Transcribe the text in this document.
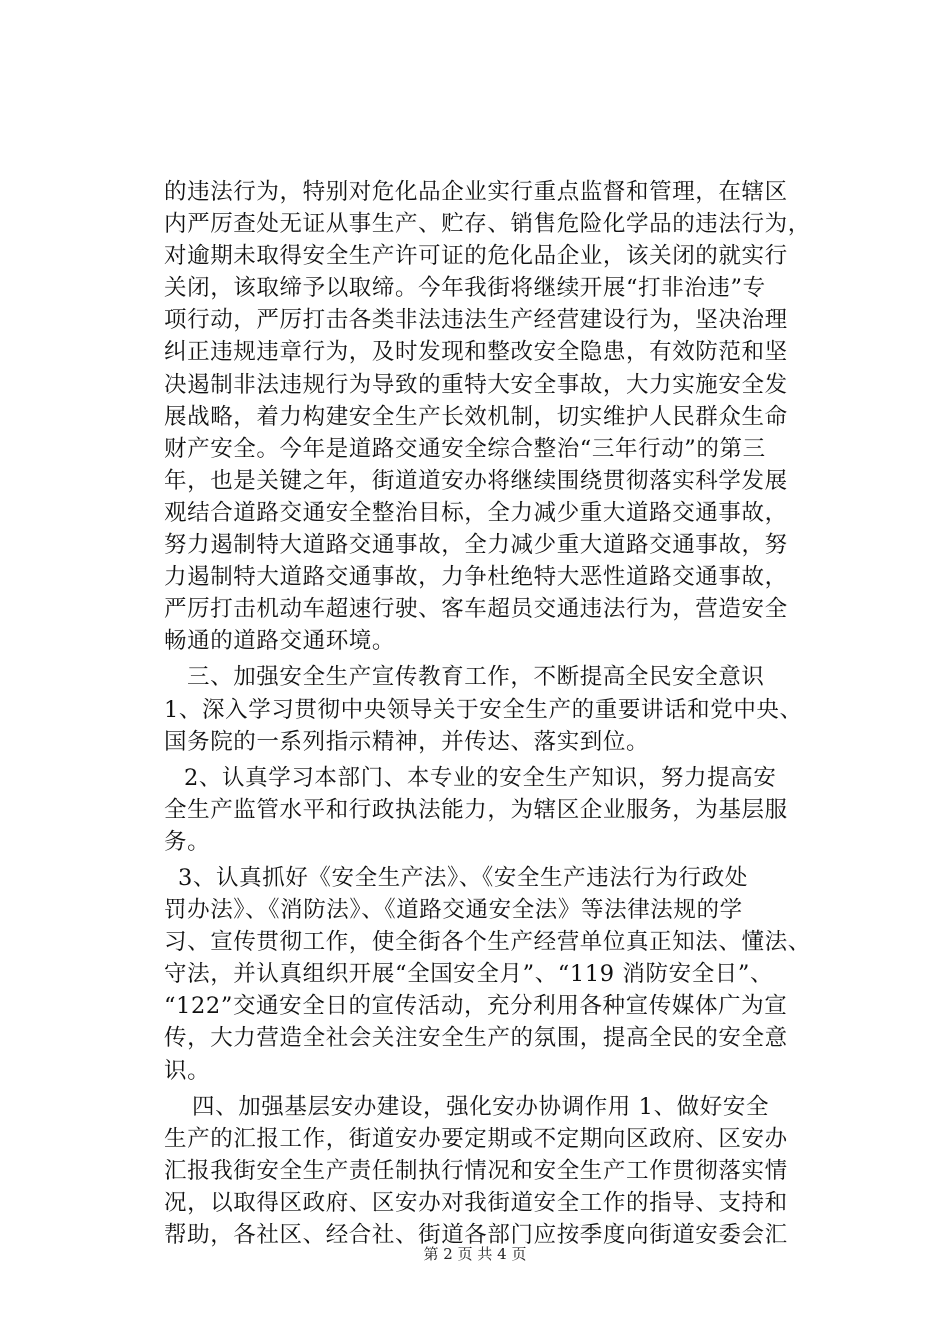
的违法行为，特别对危化品企业实行重点监督和管理，在辖区
内严厉查处无证从事生产、贮存、销售危险化学品的违法行为，
对逾期未取得安全生产许可证的危化品企业，该关闭的就实行
关闭，该取缔予以取缔。今年我街将继续开展“打非治违”专
项行动，严厉打击各类非法违法生产经营建设行为，坚决治理
纠正违规违章行为，及时发现和整改安全隐患，有效防范和坚
决遏制非法违规行为导致的重特大安全事故，大力实施安全发
展战略，着力构建安全生产长效机制，切实维护人民群众生命
财产安全。今年是道路交通安全综合整治“三年行动”的第三
年，也是关键之年，街道道安办将继续围绕贯彻落实科学发展
观结合道路交通安全整治目标，全力减少重大道路交通事故，
努力遏制特大道路交通事故，全力减少重大道路交通事故，努
力遏制特大道路交通事故，力争杜绝特大恶性道路交通事故，
严厉打击机动车超速行驶、客车超员交通违法行为，营造安全
畅通的道路交通环境。
三、加强安全生产宣传教育工作，不断提高全民安全意识
1、深入学习贯彻中央领导关于安全生产的重要讲话和党中央、
国务院的一系列指示精神，并传达、落实到位。
2、认真学习本部门、本专业的安全生产知识，努力提高安
全生产监管水平和行政执法能力，为辖区企业服务，为基层服
务。
3、认真抓好《安全生产法》、《安全生产违法行为行政处
罚办法》、《消防法》、《道路交通安全法》等法律法规的学
习、宣传贯彻工作，使全街各个生产经营单位真正知法、懂法、
守法，并认真组织开展“全国安全月”、“119 消防安全日”、
“122”交通安全日的宣传活动，充分利用各种宣传媒体广为宣
传，大力营造全社会关注安全生产的氛围，提高全民的安全意
识。
四、加强基层安办建设，强化安办协调作用 1、做好安全
生产的汇报工作，街道安办要定期或不定期向区政府、区安办
汇报我街安全生产责任制执行情况和安全生产工作贯彻落实情
况，以取得区政府、区安办对我街道安全工作的指导、支持和
帮助，各社区、经合社、街道各部门应按季度向街道安委会汇
第 2 页 共 4 页
